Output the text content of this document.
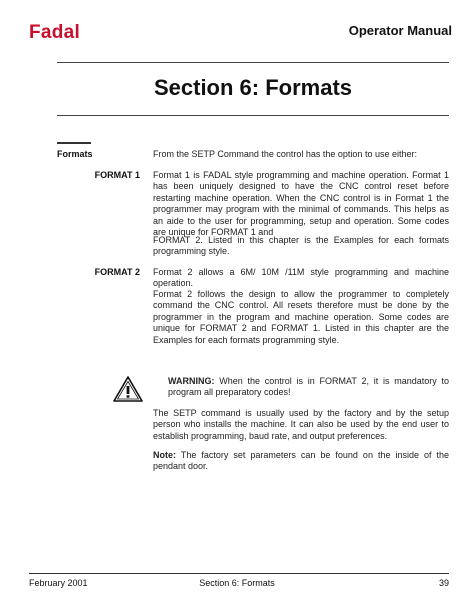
Fadal	Operator Manual
Section 6: Formats
Formats	From the SETP Command the control has the option to use either:
FORMAT 1 Format 1 is FADAL style programming and machine operation. Format 1 has been uniquely designed to have the CNC control reset before restarting machine operation. When the CNC control is in Format 1 the programmer may program with the minimal of commands. This helps as an aide to the user for programming, setup and operation. Some codes are unique for FORMAT 1 and
FORMAT 2. Listed in this chapter is the Examples for each formats programming style.
FORMAT 2 Format 2 allows a 6M/ 10M /11M style programming and machine operation.
Format 2 follows the design to allow the programmer to completely command the CNC control. All resets therefore must be done by the programmer in the program and machine operation. Some codes are unique for FORMAT 2 and FORMAT 1. Listed in this chapter are the Examples for each formats programming style.
WARNING: When the control is in FORMAT 2, it is mandatory to program all preparatory codes!
The SETP command is usually used by the factory and by the setup person who installs the machine. It can also be used by the end user to establish programming, baud rate, and output preferences.
Note: The factory set parameters can be found on the inside of the pendant door.
February 2001	Section 6: Formats	39
